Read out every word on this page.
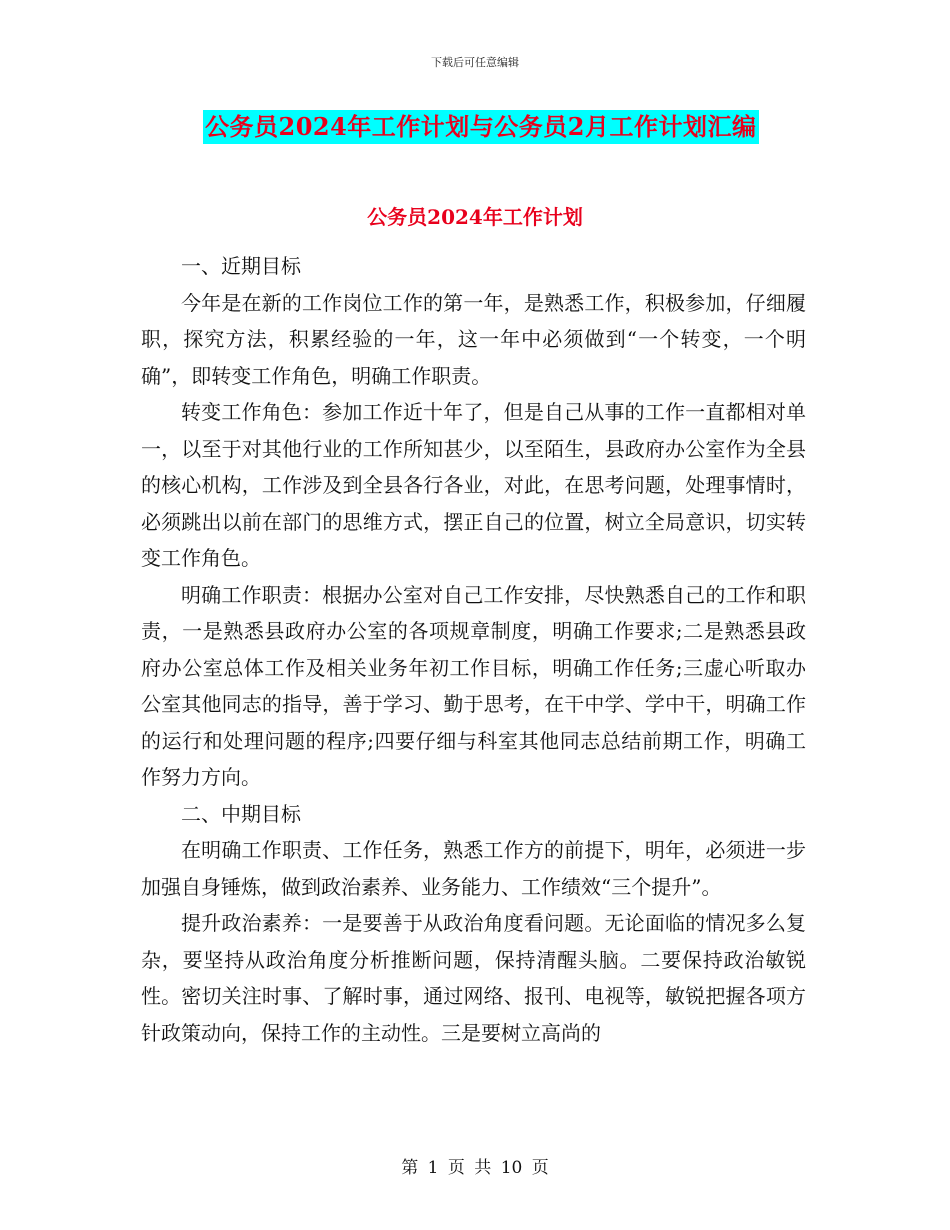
下载后可任意编辑
公务员2024年工作计划与公务员2月工作计划汇编
公务员2024年工作计划

一、近期目标

今年是在新的工作岗位工作的第一年，是熟悉工作，积极参加，仔细履职，探究方法，积累经验的一年，这一年中必须做到“一个转变，一个明确”，即转变工作角色，明确工作职责。

转变工作角色：参加工作近十年了，但是自己从事的工作一直都相对单一，以至于对其他行业的工作所知甚少，以至陌生，县政府办公室作为全县的核心机构，工作涉及到全县各行各业，对此，在思考问题，处理事情时，必须跳出以前在部门的思维方式，摆正自己的位置，树立全局意识，切实转变工作角色。

明确工作职责：根据办公室对自己工作安排，尽快熟悉自己的工作和职责，一是熟悉县政府办公室的各项规章制度，明确工作要求;二是熟悉县政府办公室总体工作及相关业务年初工作目标，明确工作任务;三虚心听取办公室其他同志的指导，善于学习、勤于思考，在干中学、学中干，明确工作的运行和处理问题的程序;四要仔细与科室其他同志总结前期工作，明确工作努力方向。

二、中期目标

在明确工作职责、工作任务，熟悉工作方的前提下，明年，必须进一步加强自身锤炼，做到政治素养、业务能力、工作绩效“三个提升”。

提升政治素养：一是要善于从政治角度看问题。无论面临的情况多么复杂，要坚持从政治角度分析推断问题，保持清醒头脑。二要保持政治敏锐性。密切关注时事、了解时事，通过网络、报刊、电视等，敏锐把握各项方针政策动向，保持工作的主动性。三是要树立高尚的

第 1 页 共 10 页
